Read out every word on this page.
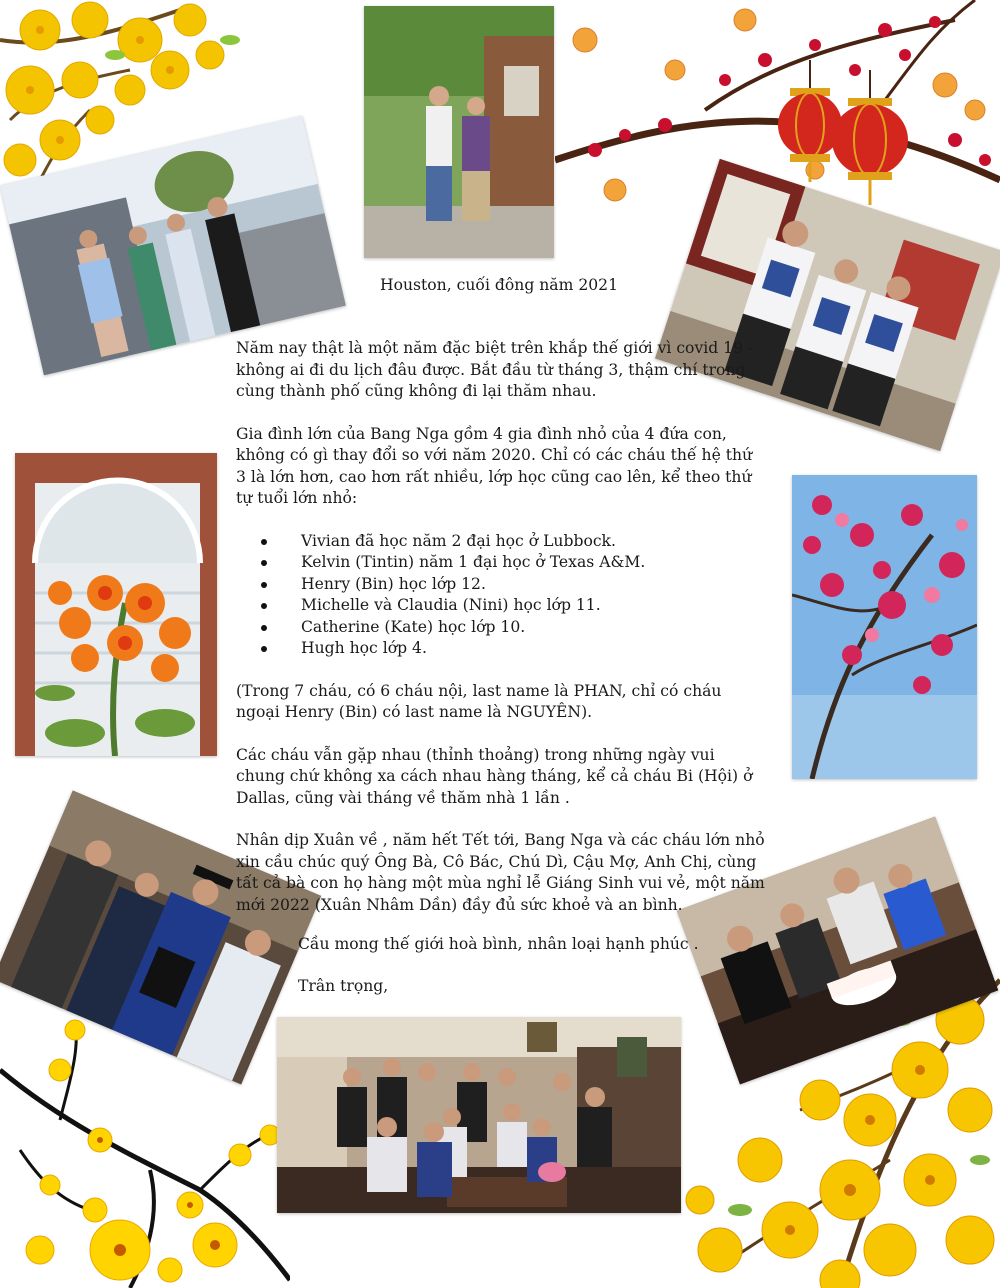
Houston, cuối đông năm 2021

Năm nay thật là một năm đặc biệt trên khắp thế giới vì covid 19 - không ai đi du lịch đâu được. Bắt đầu từ tháng 3, thậm chí trong cùng thành phố cũng không đi lại thăm nhau.

Gia đình lớn của Bang Nga gồm 4 gia đình nhỏ của 4 đứa con, không có gì thay đổi so với năm 2020. Chỉ có các cháu thế hệ thứ 3 là lớn hơn, cao hơn rất nhiều, lớp học cũng cao lên, kể theo thứ tự tuổi lớn nhỏ:

Vivian đã học năm 2 đại học ở Lubbock.
Kelvin (Tintin) năm 1 đại học ở Texas A&M.
Henry (Bin) học lớp 12.
Michelle và Claudia (Nini) học lớp 11.
Catherine (Kate) học lớp 10.
Hugh học lớp 4.

(Trong 7 cháu, có 6 cháu nội, last name là PHAN, chỉ có cháu ngoại Henry (Bin) có last name là NGUYÊN).

Các cháu vẫn gặp nhau (thỉnh thoảng) trong những ngày vui chung chứ không xa cách nhau hàng tháng, kể cả cháu Bi (Hội) ở Dallas, cũng vài tháng về thăm nhà 1 lần .

Nhân dịp Xuân về , năm hết Tết tới, Bang Nga và các cháu lớn nhỏ xin cầu chúc quý Ông Bà, Cô Bác, Chú Dì, Cậu Mợ, Anh Chị, cùng tất cả bà con họ hàng một mùa nghỉ lễ Giáng Sinh vui vẻ, một năm mới 2022 (Xuân Nhâm Dần) đầy đủ sức khoẻ và an bình.

Cầu mong thế giới hoà bình, nhân loại hạnh phúc .
Trân trọng,
